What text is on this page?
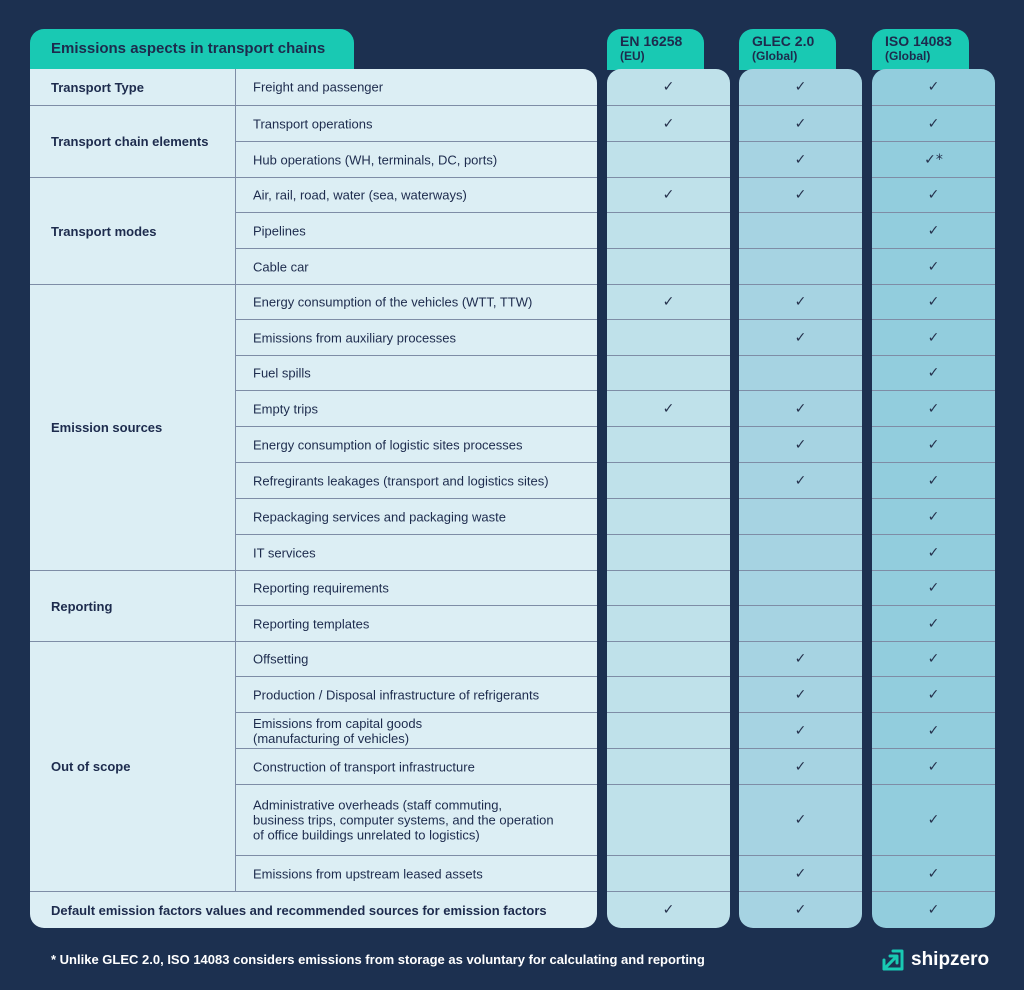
Emissions aspects in transport chains	EN 16258
(EU)
GLEC 2.0
(Global)
ISO 14083
(Global)
Transport Type
Transport chain elements
Transport modes
Emission sources
Reporting
Out of scope
Freight and passenger
Transport operations
Hub operations (WH, terminals, DC, ports)
Air, rail, road, water (sea, waterways)
Pipelines
Cable car
Energy consumption of the vehicles (WTT, TTW)
Emissions from auxiliary processes
Fuel spills
Empty trips
Energy consumption of logistic sites processes
Refregirants leakages (transport and logistics sites)
Repackaging services and packaging waste
IT services
Reporting requirements
Reporting templates
Offsetting
Production / Disposal infrastructure of refrigerants
Emissions from capital goods
(manufacturing of vehicles)
Construction of transport infrastructure
Administrative overheads (staff commuting,
business trips, computer systems, and the operation
of office buildings unrelated to logistics)
Emissions from upstream leased assets
Default emission factors values and recommended sources for emission factors
✓
✓
✓
✓
✓
✓
✓
✓
✓
✓
✓
✓
✓
✓
✓
✓
✓
✓
✓
✓
✓
✓
✓
✓
✓*
✓
✓
✓
✓
✓
✓
✓
✓
✓
✓
✓
✓
✓
✓
✓
✓
✓
✓
✓
✓
* Unlike GLEC 2.0, ISO 14083 considers emissions from storage as voluntary for calculating and reporting	shipzero
